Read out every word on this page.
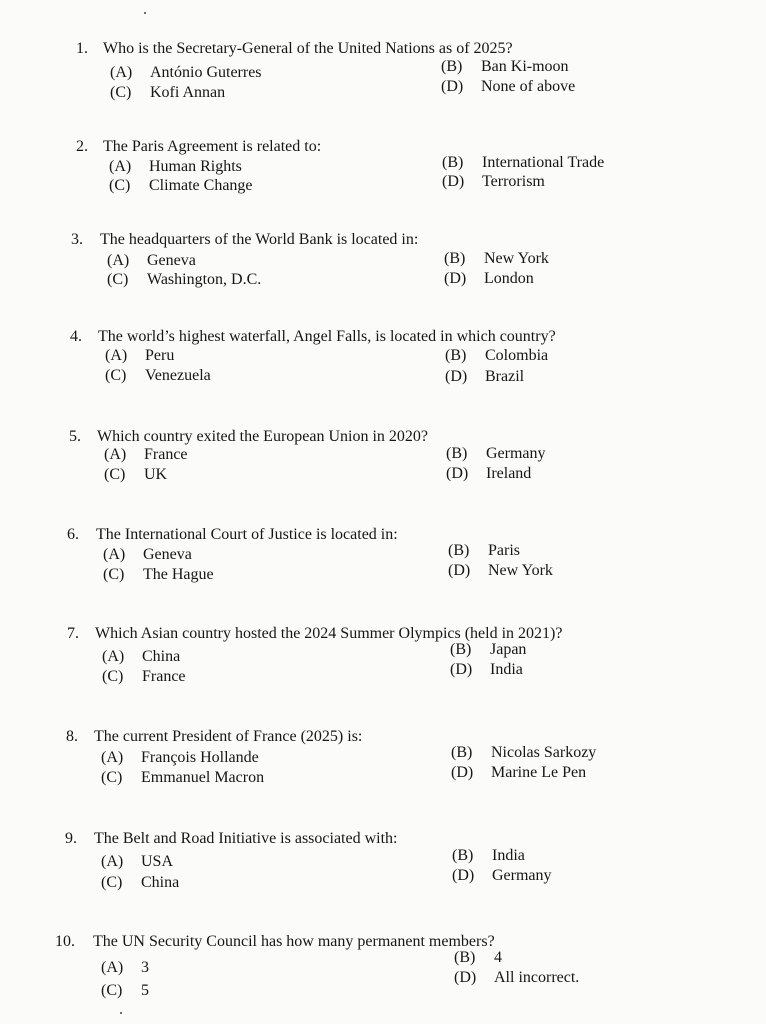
1. Who is the Secretary-General of the United Nations as of 2025?
(A) António Guterres	(B) Ban Ki-moon
(C) Kofi Annan	(D) None of above
2. The Paris Agreement is related to:
(A) Human Rights	(B) International Trade
(C) Climate Change	(D) Terrorism
3. The headquarters of the World Bank is located in:
(A) Geneva	(B) New York
(C) Washington, D.C.	(D) London
4. The world’s highest waterfall, Angel Falls, is located in which country?
(A) Peru	(B) Colombia
(C) Venezuela	(D) Brazil
5. Which country exited the European Union in 2020?
(A) France	(B) Germany
(C) UK	(D) Ireland
6. The International Court of Justice is located in:
(A) Geneva	(B) Paris
(C) The Hague	(D) New York
7. Which Asian country hosted the 2024 Summer Olympics (held in 2021)?
(A) China	(B) Japan
(C) France	(D) India
8. The current President of France (2025) is:
(A) François Hollande	(B) Nicolas Sarkozy
(C) Emmanuel Macron	(D) Marine Le Pen
9. The Belt and Road Initiative is associated with:
(A) USA	(B) India
(C) China	(D) Germany
10. The UN Security Council has how many permanent members?
(A) 3
(B) 4
(C) 5
(D) All incorrect.
